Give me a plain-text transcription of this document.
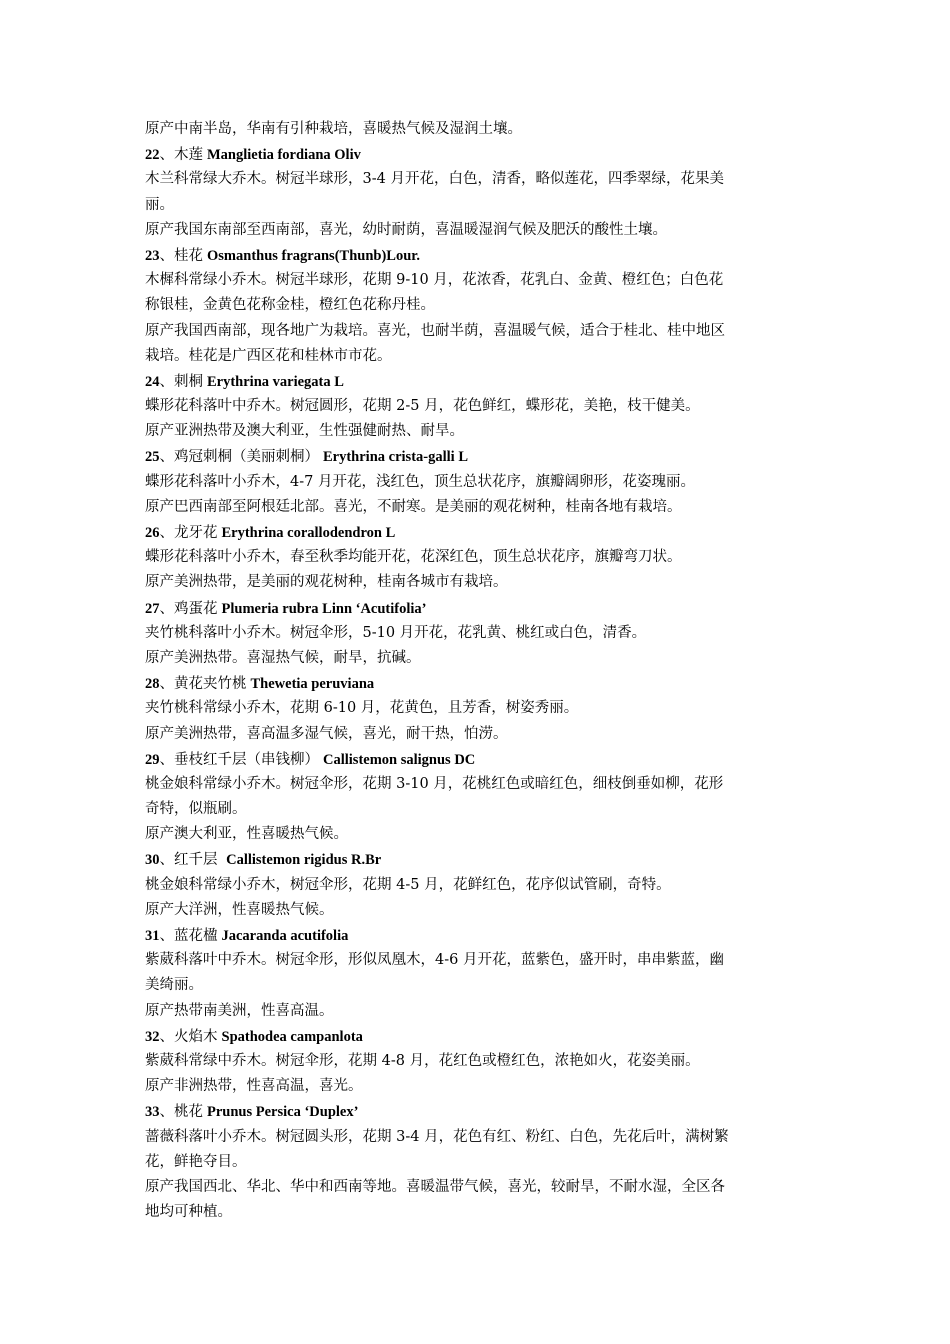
原产中南半岛，华南有引种栽培，喜暖热气候及湿润土壤。
22、木莲 Manglietia fordiana Oliv
木兰科常绿大乔木。树冠半球形，3-4 月开花，白色，清香，略似莲花，四季翠绿，花果美
丽。
原产我国东南部至西南部，喜光，幼时耐荫，喜温暖湿润气候及肥沃的酸性土壤。
23、桂花 Osmanthus fragrans(Thunb)Lour.
木樨科常绿小乔木。树冠半球形，花期 9-10 月，花浓香，花乳白、金黄、橙红色；白色花
称银桂，金黄色花称金桂，橙红色花称丹桂。
原产我国西南部，现各地广为栽培。喜光，也耐半荫，喜温暖气候，适合于桂北、桂中地区
栽培。桂花是广西区花和桂林市市花。
24、刺桐 Erythrina variegata L
蝶形花科落叶中乔木。树冠圆形，花期 2-5 月，花色鲜红，蝶形花，美艳，枝干健美。
原产亚洲热带及澳大利亚，生性强健耐热、耐旱。
25、鸡冠刺桐（美丽刺桐） Erythrina crista-galli L
蝶形花科落叶小乔木，4-7 月开花，浅红色，顶生总状花序，旗瓣阔卵形，花姿瑰丽。
原产巴西南部至阿根廷北部。喜光，不耐寒。是美丽的观花树种，桂南各地有栽培。
26、龙牙花 Erythrina corallodendron L
蝶形花科落叶小乔木，春至秋季均能开花，花深红色，顶生总状花序，旗瓣弯刀状。
原产美洲热带，是美丽的观花树种，桂南各城市有栽培。
27、鸡蛋花 Plumeria rubra Linn ‘Acutifolia’
夹竹桃科落叶小乔木。树冠伞形，5-10 月开花，花乳黄、桃红或白色，清香。
原产美洲热带。喜湿热气候，耐旱，抗碱。
28、黄花夹竹桃 Thewetia peruviana
夹竹桃科常绿小乔木，花期 6-10 月，花黄色，且芳香，树姿秀丽。
原产美洲热带，喜高温多湿气候，喜光，耐干热，怕涝。
29、垂枝红千层（串钱柳） Callistemon salignus DC
桃金娘科常绿小乔木。树冠伞形，花期 3-10 月，花桃红色或暗红色，细枝倒垂如柳，花形
奇特，似瓶刷。
原产澳大利亚，性喜暖热气候。
30、红千层 Callistemon rigidus R.Br
桃金娘科常绿小乔木，树冠伞形，花期 4-5 月，花鲜红色，花序似试管刷，奇特。
原产大洋洲，性喜暖热气候。
31、蓝花楹 Jacaranda acutifolia
紫葳科落叶中乔木。树冠伞形，形似凤凰木，4-6 月开花，蓝紫色，盛开时，串串紫蓝，幽
美绮丽。
原产热带南美洲，性喜高温。
32、火焰木 Spathodea campanlota
紫葳科常绿中乔木。树冠伞形，花期 4-8 月，花红色或橙红色，浓艳如火，花姿美丽。
原产非洲热带，性喜高温，喜光。
33、桃花 Prunus Persica ‘Duplex’
蔷薇科落叶小乔木。树冠圆头形，花期 3-4 月，花色有红、粉红、白色，先花后叶，满树繁
花，鲜艳夺目。
原产我国西北、华北、华中和西南等地。喜暖温带气候，喜光，较耐旱，不耐水湿，全区各
地均可种植。
